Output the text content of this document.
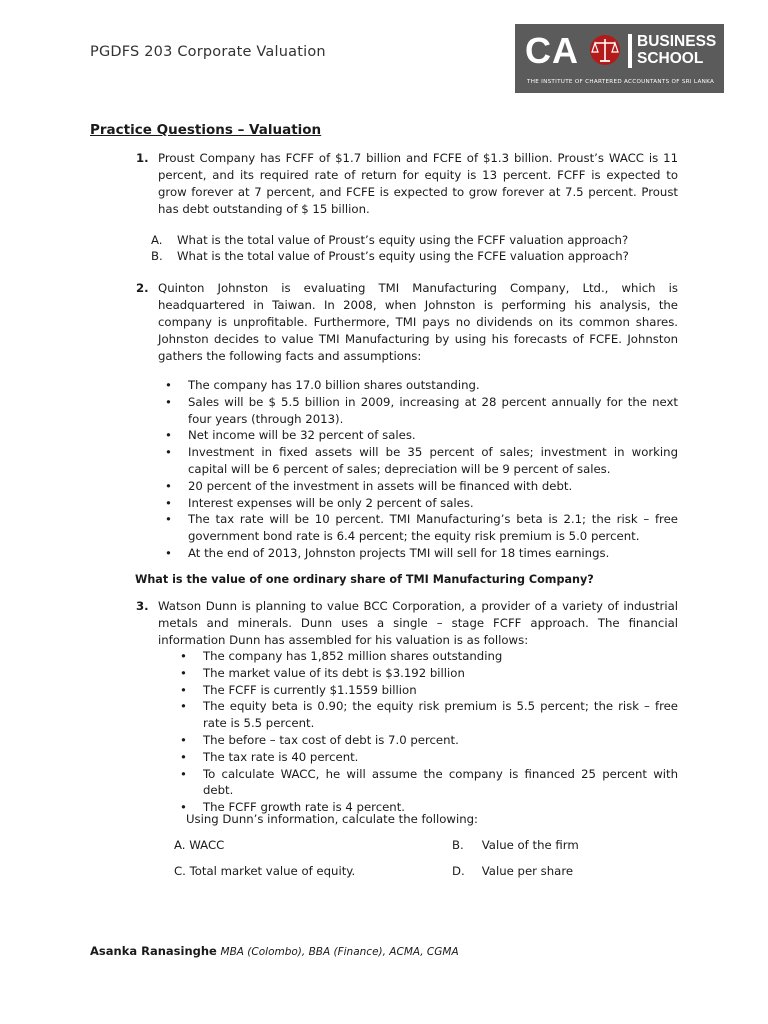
PGDFS 203 Corporate Valuation	CA	BUSINESS
SCHOOL
THE INSTITUTE OF CHARTERED ACCOUNTANTS OF SRI LANKA
Practice Questions – Valuation
1. Proust Company has FCFF of $1.7 billion and FCFE of $1.3 billion. Proust’s WACC is 11 percent, and its required rate of return for equity is 13 percent. FCFF is expected to grow forever at 7 percent, and FCFE is expected to grow forever at 7.5 percent. Proust has debt outstanding of $ 15 billion.

A. What is the total value of Proust’s equity using the FCFF valuation approach?
B. What is the total value of Proust’s equity using the FCFE valuation approach?
2. Quinton Johnston is evaluating TMI Manufacturing Company, Ltd., which is headquartered in Taiwan. In 2008, when Johnston is performing his analysis, the company is unprofitable. Furthermore, TMI pays no dividends on its common shares. Johnston decides to value TMI Manufacturing by using his forecasts of FCFE. Johnston gathers the following facts and assumptions:

• The company has 17.0 billion shares outstanding.
• Sales will be $ 5.5 billion in 2009, increasing at 28 percent annually for the next four years (through 2013).
• Net income will be 32 percent of sales.
• Investment in fixed assets will be 35 percent of sales; investment in working capital will be 6 percent of sales; depreciation will be 9 percent of sales.
• 20 percent of the investment in assets will be financed with debt.
• Interest expenses will be only 2 percent of sales.
• The tax rate will be 10 percent. TMI Manufacturing’s beta is 2.1; the risk – free government bond rate is 6.4 percent; the equity risk premium is 5.0 percent.
• At the end of 2013, Johnston projects TMI will sell for 18 times earnings.
What is the value of one ordinary share of TMI Manufacturing Company?
3. Watson Dunn is planning to value BCC Corporation, a provider of a variety of industrial metals and minerals. Dunn uses a single – stage FCFF approach. The financial information Dunn has assembled for his valuation is as follows:

• The company has 1,852 million shares outstanding
• The market value of its debt is $3.192 billion
• The FCFF is currently $1.1559 billion
• The equity beta is 0.90; the equity risk premium is 5.5 percent; the risk – free rate is 5.5 percent.
• The before – tax cost of debt is 7.0 percent.
• The tax rate is 40 percent.
• To calculate WACC, he will assume the company is financed 25 percent with debt.
• The FCFF growth rate is 4 percent.
Using Dunn’s information, calculate the following:
A. WACC	B. Value of the firm
C. Total market value of equity.	D. Value per share
Asanka Ranasinghe MBA (Colombo), BBA (Finance), ACMA, CGMA
